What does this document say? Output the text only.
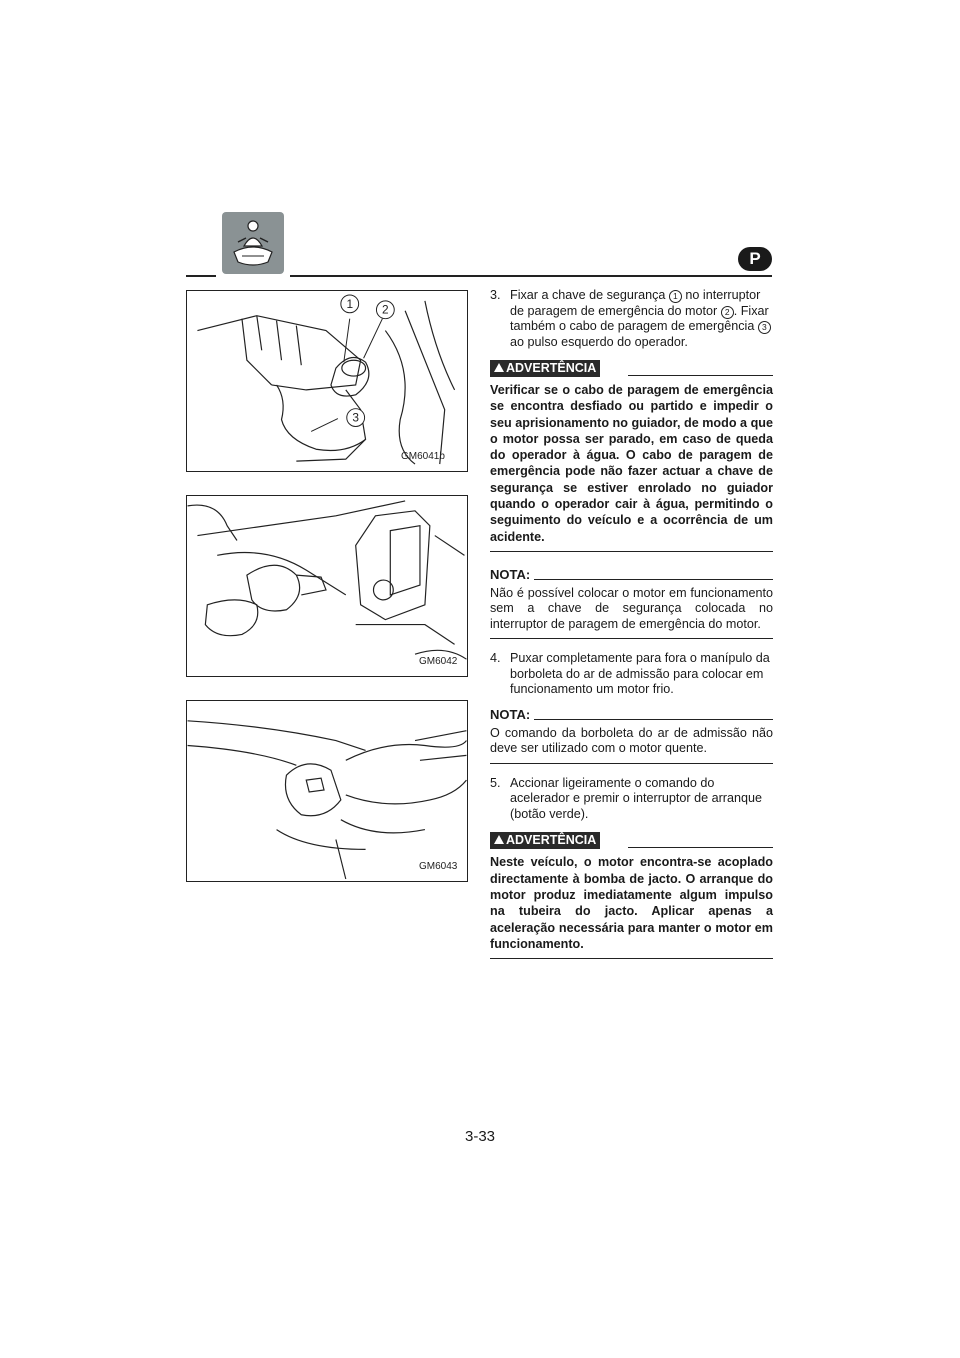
P
1 2
3
GM6041b
GM6042
GM6043

3. Fixar a chave de segurança 1 no interruptor de paragem de emergência do motor 2 . Fixar também o cabo de paragem de emergência 3 ao pulso esquerdo do operador.

ADVERTÊNCIA

Verificar se o cabo de paragem de emergência se encontra desfiado ou partido e impedir o seu aprisionamento no guiador, de modo a que o motor possa ser parado, em caso de queda do operador à água. O cabo de paragem de emergência pode não fazer actuar a chave de segurança se estiver enrolado no guiador quando o operador cair à água, permitindo o seguimento do veículo e a ocorrência de um acidente.

NOTA:

Não é possível colocar o motor em funcionamento sem a chave de segurança colocada no interruptor de paragem de emergência do motor.

4. Puxar completamente para fora o manípulo da borboleta do ar de admissão para colocar em funcionamento um motor frio.

NOTA:

O comando da borboleta do ar de admissão não deve ser utilizado com o motor quente.

5. Accionar ligeiramente o comando do acelerador e premir o interruptor de arranque (botão verde).

ADVERTÊNCIA

Neste veículo, o motor encontra-se acoplado directamente à bomba de jacto. O arranque do motor produz imediatamente algum impulso na tubeira do jacto. Aplicar apenas a aceleração necessária para manter o motor em funcionamento.

3-33
